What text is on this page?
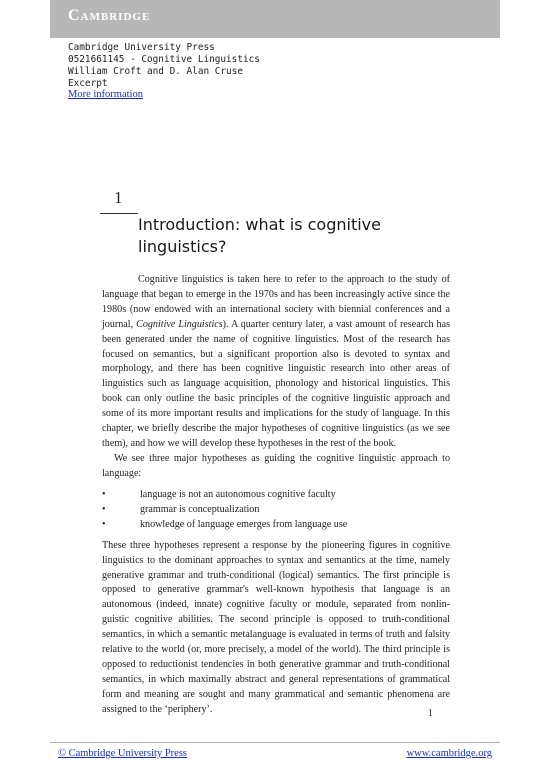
Cambridge
Cambridge University Press
0521661145 - Cognitive Linguistics
William Croft and D. Alan Cruse
Excerpt
More information
1
Introduction: what is cognitive linguistics?

Cognitive linguistics is taken here to refer to the approach to the study of language that began to emerge in the 1970s and has been increasingly active since the 1980s (now endowed with an international society with biennial conferences and a journal, Cognitive Linguistics). A quarter century later, a vast amount of research has been generated under the name of cognitive linguistics. Most of the research has focused on semantics, but a significant proportion also is devoted to syntax and morphology, and there has been cognitive linguistic research into other areas of linguistics such as language acquisition, phonology and historical linguistics. This book can only outline the basic principles of the cognitive linguistic approach and some of its more important results and implications for the study of language. In this chapter, we briefly describe the major hypotheses of cognitive linguistics (as we see them), and how we will develop these hypotheses in the rest of the book.

We see three major hypotheses as guiding the cognitive linguistic approach to language:

•	language is not an autonomous cognitive faculty
•	grammar is conceptualization
•	knowledge of language emerges from language use

These three hypotheses represent a response by the pioneering figures in cognitive linguistics to the dominant approaches to syntax and semantics at the time, namely generative grammar and truth-conditional (logical) semantics. The first principle is opposed to generative grammar's well-known hypothesis that language is an autonomous (indeed, innate) cognitive faculty or module, separated from nonlinguistic cognitive abilities. The second principle is opposed to truth-conditional semantics, in which a semantic metalanguage is evaluated in terms of truth and falsity relative to the world (or, more precisely, a model of the world). The third principle is opposed to reductionist tendencies in both generative grammar and truth-conditional semantics, in which maximally abstract and general representations of grammatical form and meaning are sought and many grammatical and semantic phenomena are assigned to the ‘periphery’.	1
© Cambridge University Press	www.cambridge.org
